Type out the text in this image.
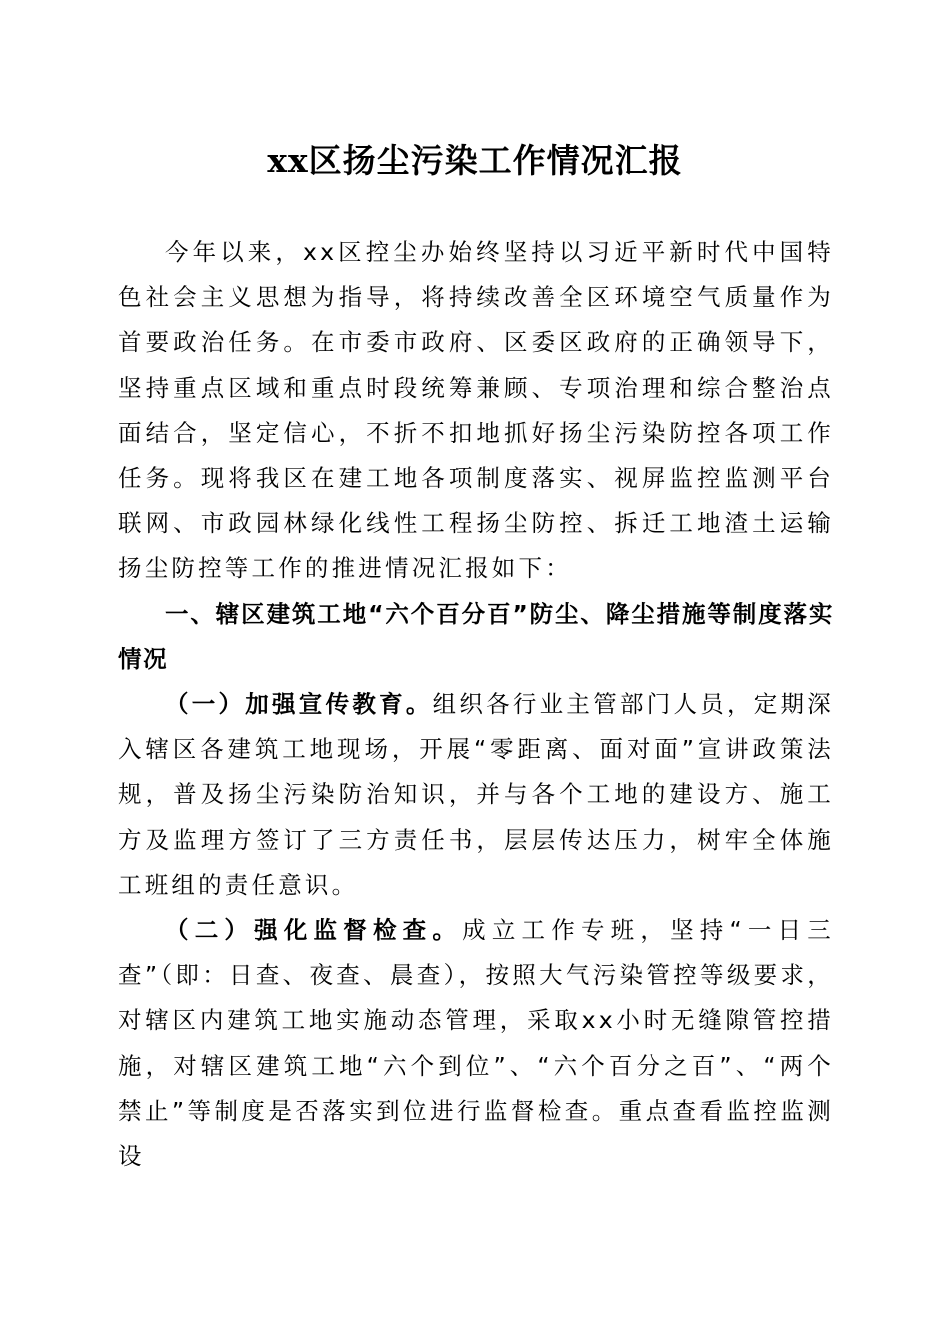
xx区扬尘污染工作情况汇报

今年以来，xx区控尘办始终坚持以习近平新时代中国特色社会主义思想为指导，将持续改善全区环境空气质量作为首要政治任务。在市委市政府、区委区政府的正确领导下，坚持重点区域和重点时段统筹兼顾、专项治理和综合整治点面结合，坚定信心，不折不扣地抓好扬尘污染防控各项工作任务。现将我区在建工地各项制度落实、视屏监控监测平台联网、市政园林绿化线性工程扬尘防控、拆迁工地渣土运输扬尘防控等工作的推进情况汇报如下：

一、辖区建筑工地“六个百分百”防尘、降尘措施等制度落实情况

（一）加强宣传教育。组织各行业主管部门人员，定期深入辖区各建筑工地现场，开展“零距离、面对面”宣讲政策法规，普及扬尘污染防治知识，并与各个工地的建设方、施工方及监理方签订了三方责任书，层层传达压力，树牢全体施工班组的责任意识。

（二）强化监督检查。成立工作专班，坚持“一日三查”（即：日查、夜查、晨查），按照大气污染管控等级要求，对辖区内建筑工地实施动态管理，采取xx小时无缝隙管控措施，对辖区建筑工地“六个到位”、“六个百分之百”、“两个禁止”等制度是否落实到位进行监督检查。重点查看监控监测设
